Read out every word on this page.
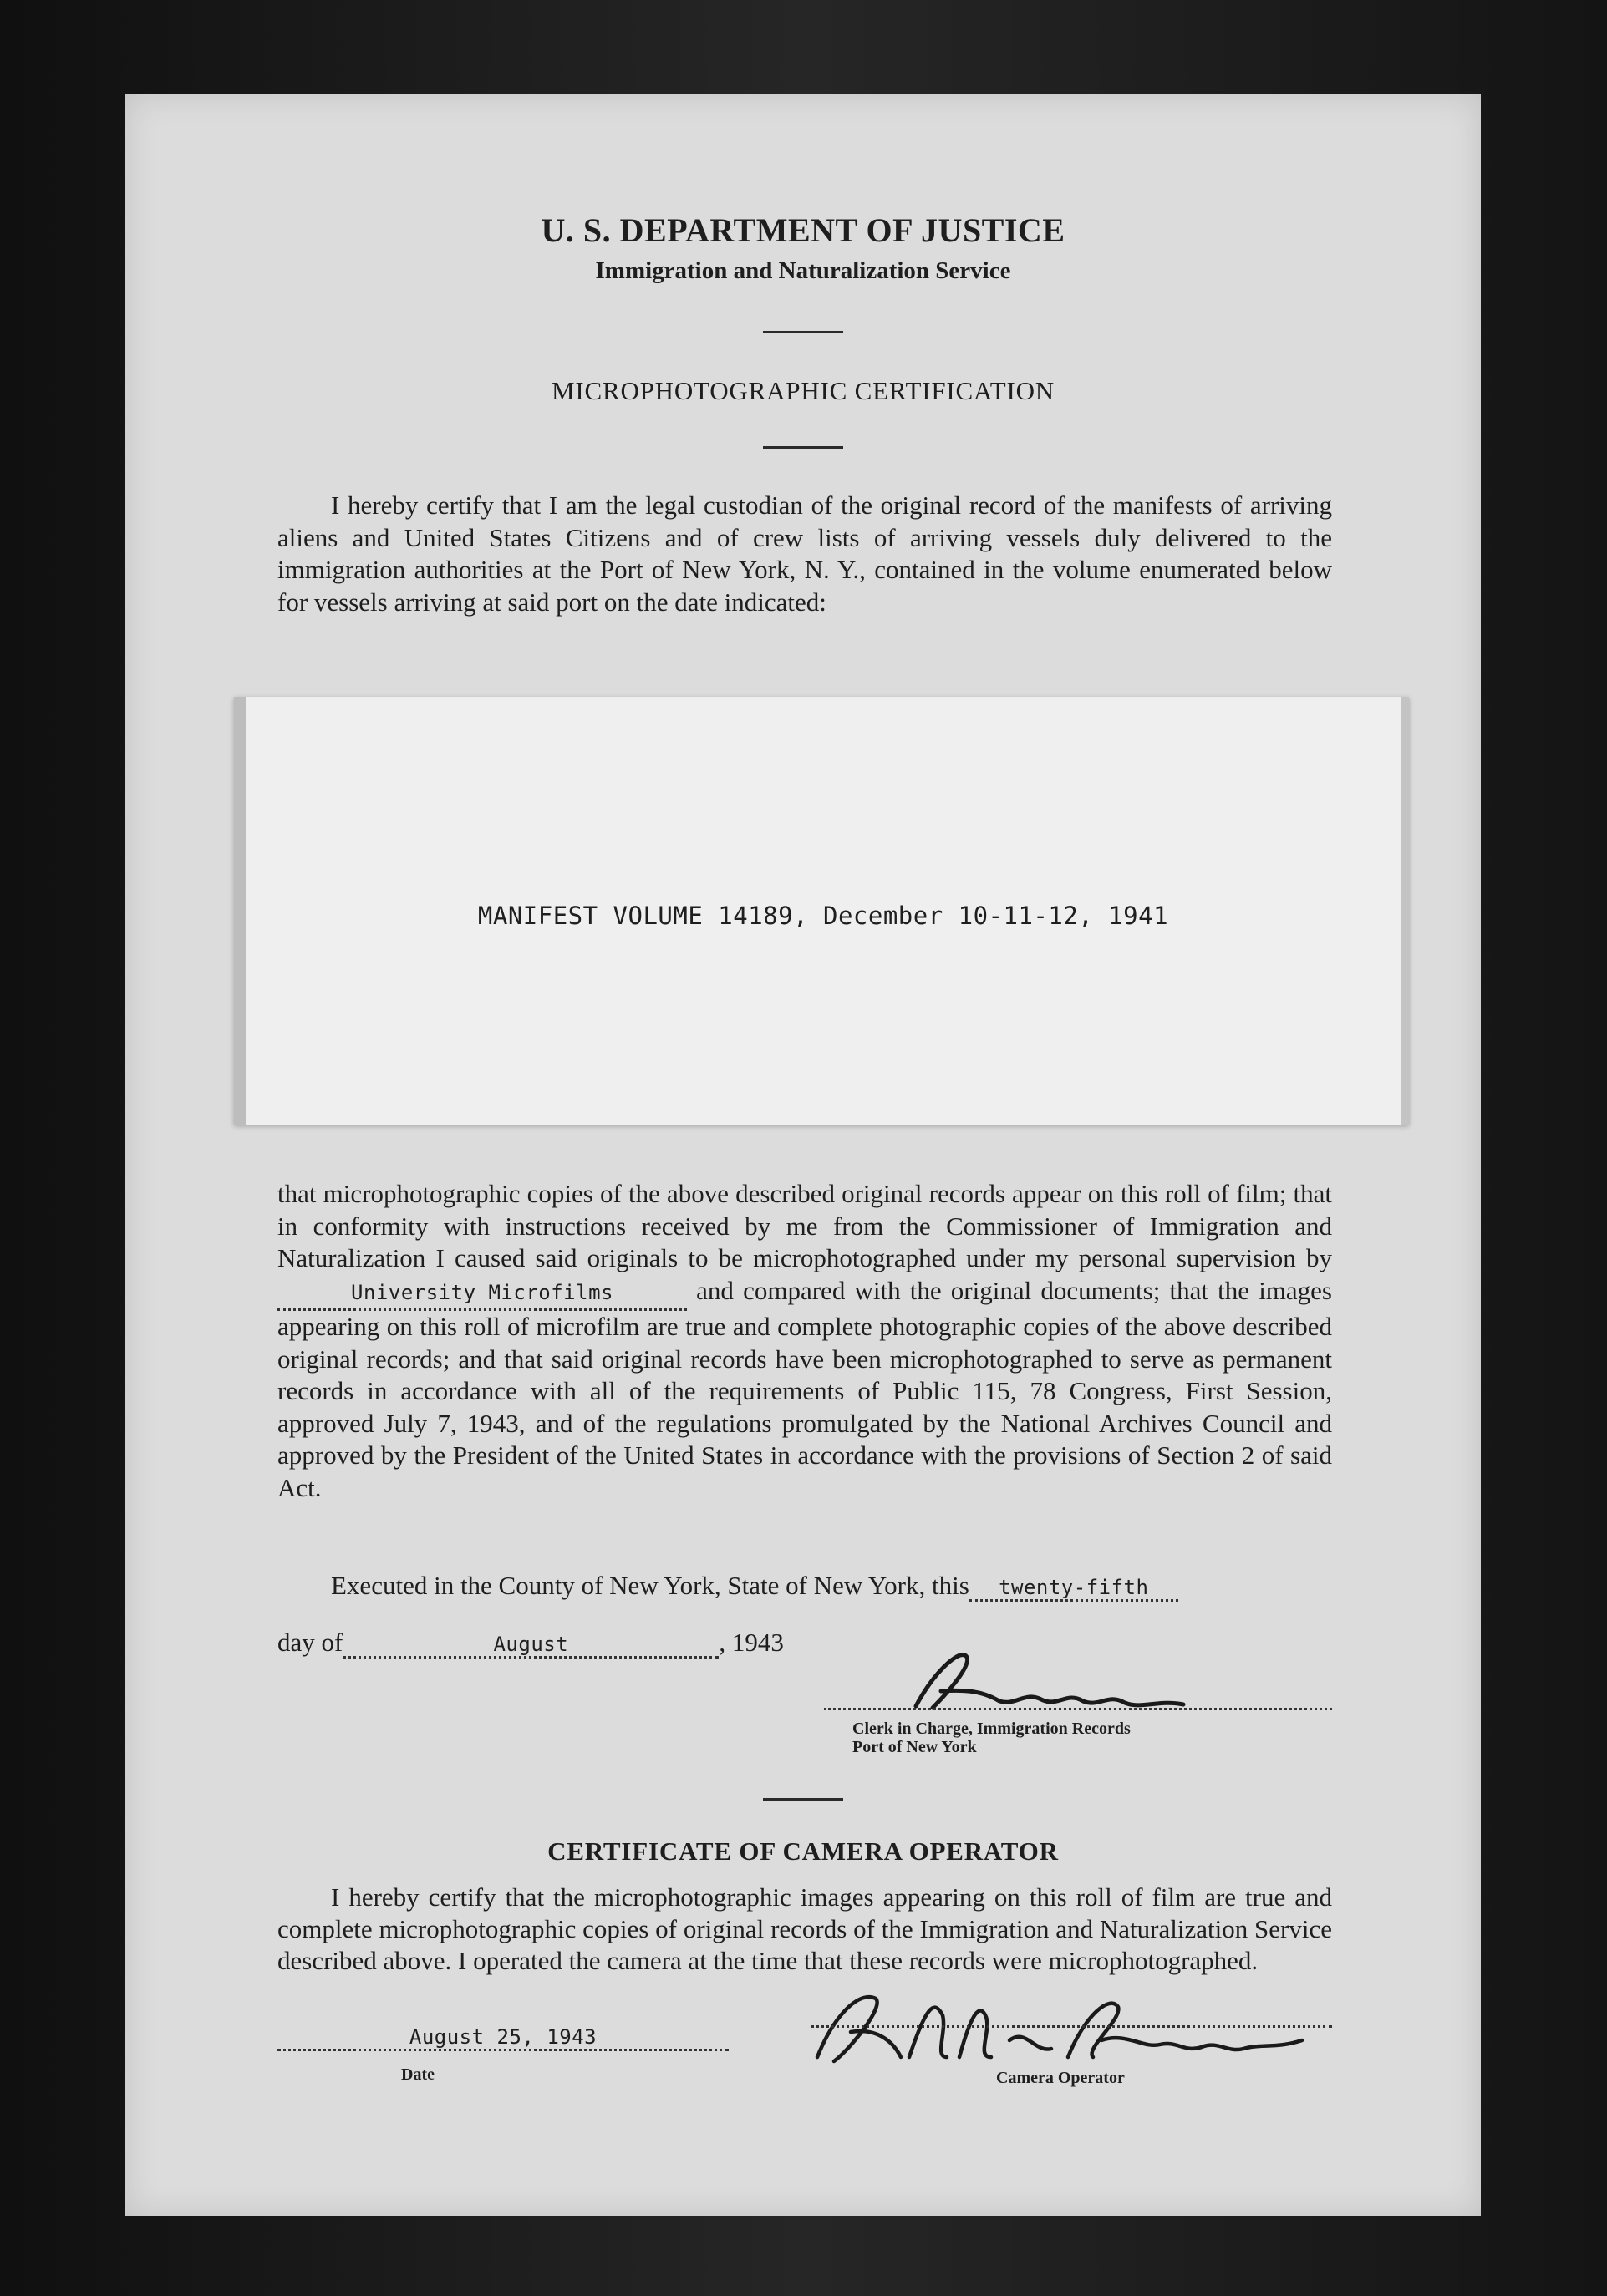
U. S. DEPARTMENT OF JUSTICE
Immigration and Naturalization Service
MICROPHOTOGRAPHIC CERTIFICATION
I hereby certify that I am the legal custodian of the original record of the manifests of arriving aliens and United States Citizens and of crew lists of arriving vessels duly delivered to the immigration authorities at the Port of New York, N. Y., contained in the volume enumerated below for vessels arriving at said port on the date indicated:
MANIFEST VOLUME 14189, December 10-11-12, 1941
that microphotographic copies of the above described original records appear on this roll of film; that in conformity with instructions received by me from the Commissioner of Immigration and Naturalization I caused said originals to be microphotographed under my personal supervision byUniversity Microfilms	and compared with the original documents; that the images appearing on this roll of microfilm are true and complete photographic copies of the above described original records; and that said original records have been microphotographed to serve as permanent records in accordance with all of the requirements of Public 115, 78 Congress, First Session, approved July 7, 1943, and of the regulations promulgated by the National Archives Council and approved by the President of the United States in accordance with the provisions of Section 2 of said Act.
Executed in the County of New York, State of New York, this twenty-fifth
day of	August	, 1943
Clerk in Charge, Immigration Records
Port of New York
CERTIFICATE OF CAMERA OPERATOR
I hereby certify that the microphotographic images appearing on this roll of film are true and complete microphotographic copies of original records of the Immigration and Naturalization Service described above. I operated the camera at the time that these records were microphotographed.
August 25, 1943
Date	Camera Operator
